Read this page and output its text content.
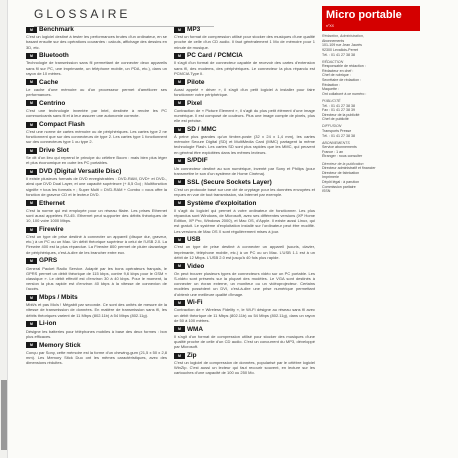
GLOSSAIRE
M Benchmark
C'est un logiciel destiné à tester les performances brutes d'un ordinateur, en se basant ensuite sur des opérations courantes : calculs, affichage des dessins en 3D, etc.
M Bluetooth
Technologie de transmission sans fil permettant de connecter deux appareils sans fil sur PC, une imprimante, un téléphone mobile, un PDA, etc.), dans un rayon de 10 mètres.
M Cache
Le cache d'une mémoire ou d'un processeur permet d'améliorer ses performances.
M Centrino
C'est une technologie inventée par Intel, destinée à rendre les PC communicants sans fil et à leur assurer une autonomie correcte.
M Compact Flash
C'est une norme de cartes mémoire ou de périphériques. Les cartes type 2 ne fonctionnent que sur des connecteurs de type 2. Les cartes type 1 fonctionnent sur des connecteurs type 1 ou type 2.
M Drive Slot
Se dit d'un lieu qui reprend le principe du célèbre Boom : mais bien plus léger et plus économique en outre les PC portables.
M DVD (Digital Versatile Disc)
Il existe plusieurs formats de DVD enregistrables : DVD-RAM, DVD+ et DVD-, ainsi que DVD Dual Layer, et une capacité supérieure (+ 8,5 Go) ; Multifonction signifie « tous les formats » ; Super Multi = DVD-RAM + Combo = vous offre la fonction de graveur CD et le lecteur DVD.
M Ethernet
C'est la norme qui est employée pour un réseau filaire. Les prises Ethernet sont aussi appelées RJ-45. Ethernet peut supporter des débits théoriques de 10, 100 voire 1000 Mbps.
M Firewire
C'est un type de prise destiné à connecter un appareil (disque dur, graveur, etc.) à un PC ou un Mac. Un débit théorique supérieur à celui de l'USB 2.0. La Firewire 400 est la plus répandue. La Firewire 800 permet de pluier davantage de périphériques, c'est-à-dire de les brancher entre eux.
M GPRS
General Packet Radio Service. Adapté par les bons opérateurs français, le GPRS permet un débit théorique de 115 kbps, contre 9,6 kbps pour le GSM « classique ». Le débit effectif est d'environ 30 à 40 kbps. Pour le moment, la version la plus rapide est d'environ 40 kbps à la vitesse de connexion de l'accès.
M Mbps / Mbits
Mbit/s et pas Mo/s ! Mégabit par seconde. Ce sont des unités de mesure de la vitesse de transmission de données. En matière de transmission sans fil, les débits théoriques varient de 11 Mbps (802.11b) à 54 Mbps (802.11g).
M Li-ion
Désigne les batteries pour téléphones mobiles à base des deux formes : bon plus efficaces.
M Memory Stick
Conçu par Sony, cette mémoire est la forme d'un chewing-gum (21,5 x 50 x 2,8 mm). Les Memory Stick Duo ont les mêmes caractéristiques, avec des dimensions réduites.
M MP3
C'est un format de compression utilisé pour stocker des musiques d'une qualité proche de celle d'un CD audio. Il faut généralement 1 Mo de mémoire pour 1 minute de musique.
M PC Card / PCMCIA
Il s'agit d'un format de connecteur capable de recevoir des cartes d'extension sans fil, des modems, des périphériques. Le connecteur la plus répandu est PCMCIA Type II.
M Pilote
Aussi appelé « driver », il s'agit d'un petit logiciel à installer pour faire fonctionner votre périphérique.
M Pixel
Contraction de « Picture Element », il s'agit du plus petit élément d'une image numérique. Il est composé de couleurs. Plus une image compte de pixels, plus elle est précise.
M SD / MMC
À peine plus grandes qu'un timbre-poste (32 x 24 x 1,4 mm), les cartes mémoire Secure Digital (SD) et MultiMedia Card (MMC) partagent la même technologie Flash. Les cartes SD sont plus rapides que les MMC, qui peuvent en général être exploitées dans les mêmes lecteurs.
M S/PDIF
Un connecteur destiné au son numérique, inventé par Sony et Philips (pour transmettre le son d'un système de Home Cinéma).
M SSL (Secure Sockets Layer)
C'est un protocole basé sur une clé de cryptage pour les données envoyées et reçues en vue de tout transmission, via Internet par exemple.
M Système d'exploitation
Il s'agit du logiciel qui permet à votre ordinateur de fonctionner. Les plus répandus sont Windows, de Microsoft, avec ses différentes versions (XP Home Edition, XP Pro, Windows 2000), et Mac OS, d'Apple. Il existe aussi Linux, qui est gratuit. Le système d'exploitation installé sur l'ordinateur peut être modifié. Les versions de Mac OS X sont régulièrement mises à jour.
M USB
C'est un type de prise destiné à connecter un appareil (souris, clavier, imprimante, téléphone mobile, etc.) à un PC ou un Mac. L'USB 1.1 est à un débit de 12 Mbps. L'USB 2.0 est jusqu'à 40 fois plus rapide.
M Video
On peut trouver plusieurs types de connecteurs vidéo sur un PC portable. Les S-vidéo sont présents sur la plupart des modèles. Le VGA sont destinés à connecter un écran externe, un moniteur ou un vidéoprojecteur. Certains modèles possèdent un DVI, c'est-à-dire une prise numérique permettant d'obtenir une meilleure qualité d'image.
M Wi-Fi
Contraction de « Wireless Fidelity », le Wi-Fi désigne au réseau sans fil avec un débit théorique de 11 Mbps (802.11b) ou 54 Mbps (802.11g), dans un rayon de 50 à 100 mètres.
M WMA
Il s'agit d'un format de compression utilisé pour stocker des musiques d'une qualité proche de celle d'un CD audio. C'est un concurrent du MP3, développé par Microsoft.
M Zip
C'est un logiciel de compression de données, popularisé par le célèbre logiciel WinZip. C'est aussi un lecteur qui faut recourir souvent, en lecture sur les cartouches d'une capacité de 100 ou 250 Mo.
Micro portable
n°XX
Rédaction, Administration,
Abonnements
101-109 rue Jean Jaurès
92300 Levallois-Perret
Tél. : 01 41 27 38 38
RÉDACTION
Responsable de rédaction :
Rédacteur en chef :
Chef de rubrique :
Secrétaire de rédaction :
Rédaction :
Maquette :
Ont collaboré à ce numéro :
PUBLICITÉ
Tél. : 01 41 27 38 38
Fax : 01 41 27 38 39
Directeur de la publicité
Chef de publicité
DIFFUSION
Transports Presse
Tél. : 01 41 27 38 38
ABONNEMENTS
Service abonnements
France : 1 an
Étranger : nous consulter
Directeur de la publication
Directeur administratif et financier
Directeur de fabrication
Imprimerie
Dépôt légal : à parution
Commission paritaire
ISSN
